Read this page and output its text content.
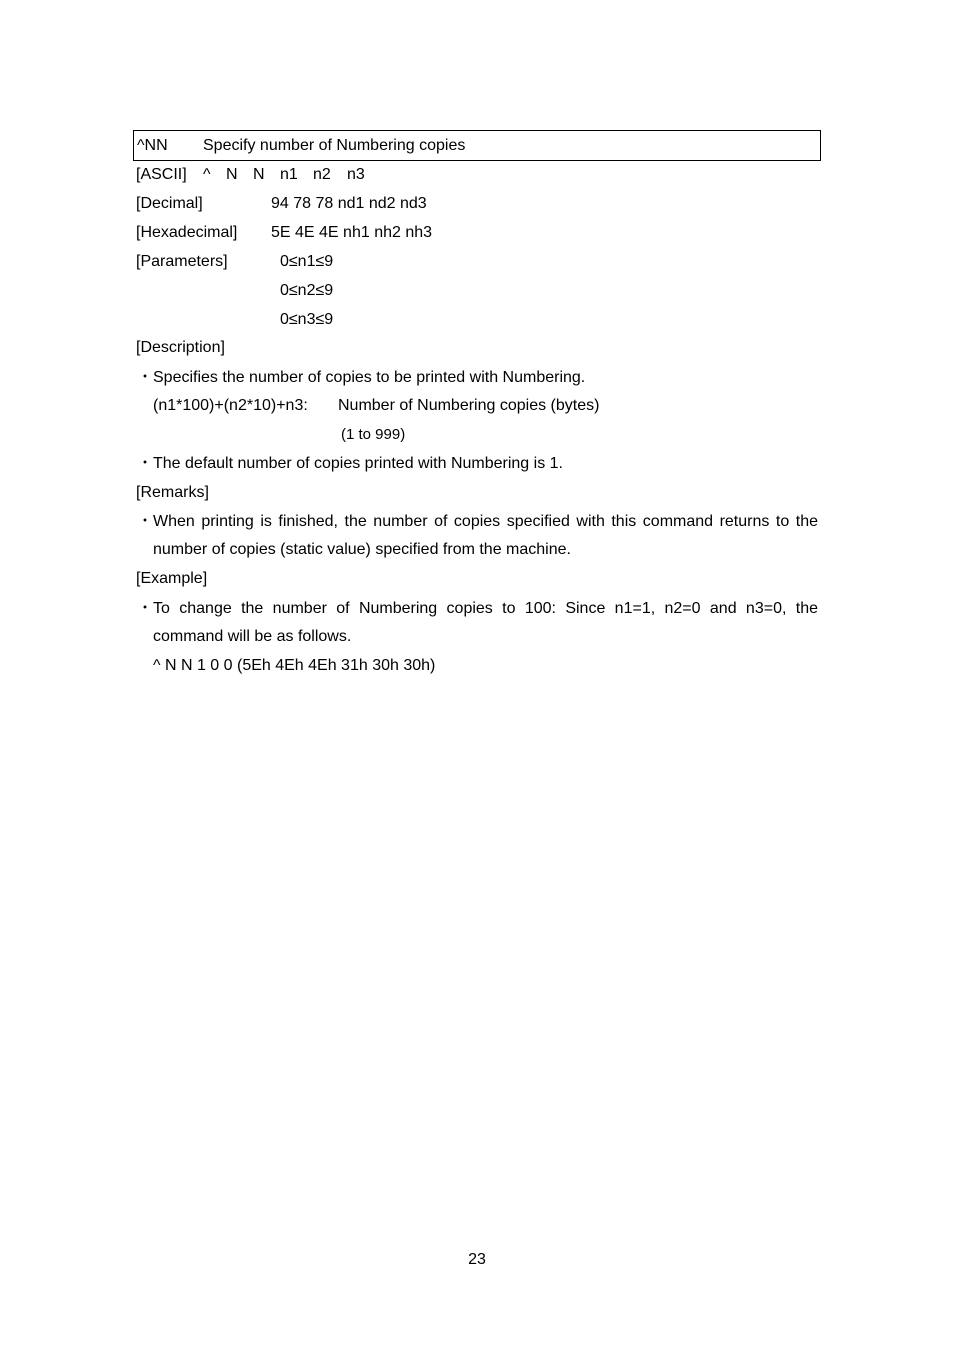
^NN Specify number of Numbering copies
[ASCII] ^ N N n1 n2 n3
[Decimal]	94 78 78 nd1 nd2 nd3
[Hexadecimal] 5E 4E 4E nh1 nh2 nh3
[Parameters]	0≤n1≤9
0≤n2≤9
0≤n3≤9
[Description]
・ Specifies the number of copies to be printed with Numbering.
(n1*100)+(n2*10)+n3: Number of Numbering copies (bytes)
(1 to 999)
・ The default number of copies printed with Numbering is 1.
[Remarks]
・ When printing is finished, the number of copies specified with this command returns to the
number of copies (static value) specified from the machine.
[Example]
・ To change the number of Numbering copies to 100: Since n1=1, n2=0 and n3=0, the
command will be as follows.
^ N N 1 0 0 (5Eh 4Eh 4Eh 31h 30h 30h)
23
